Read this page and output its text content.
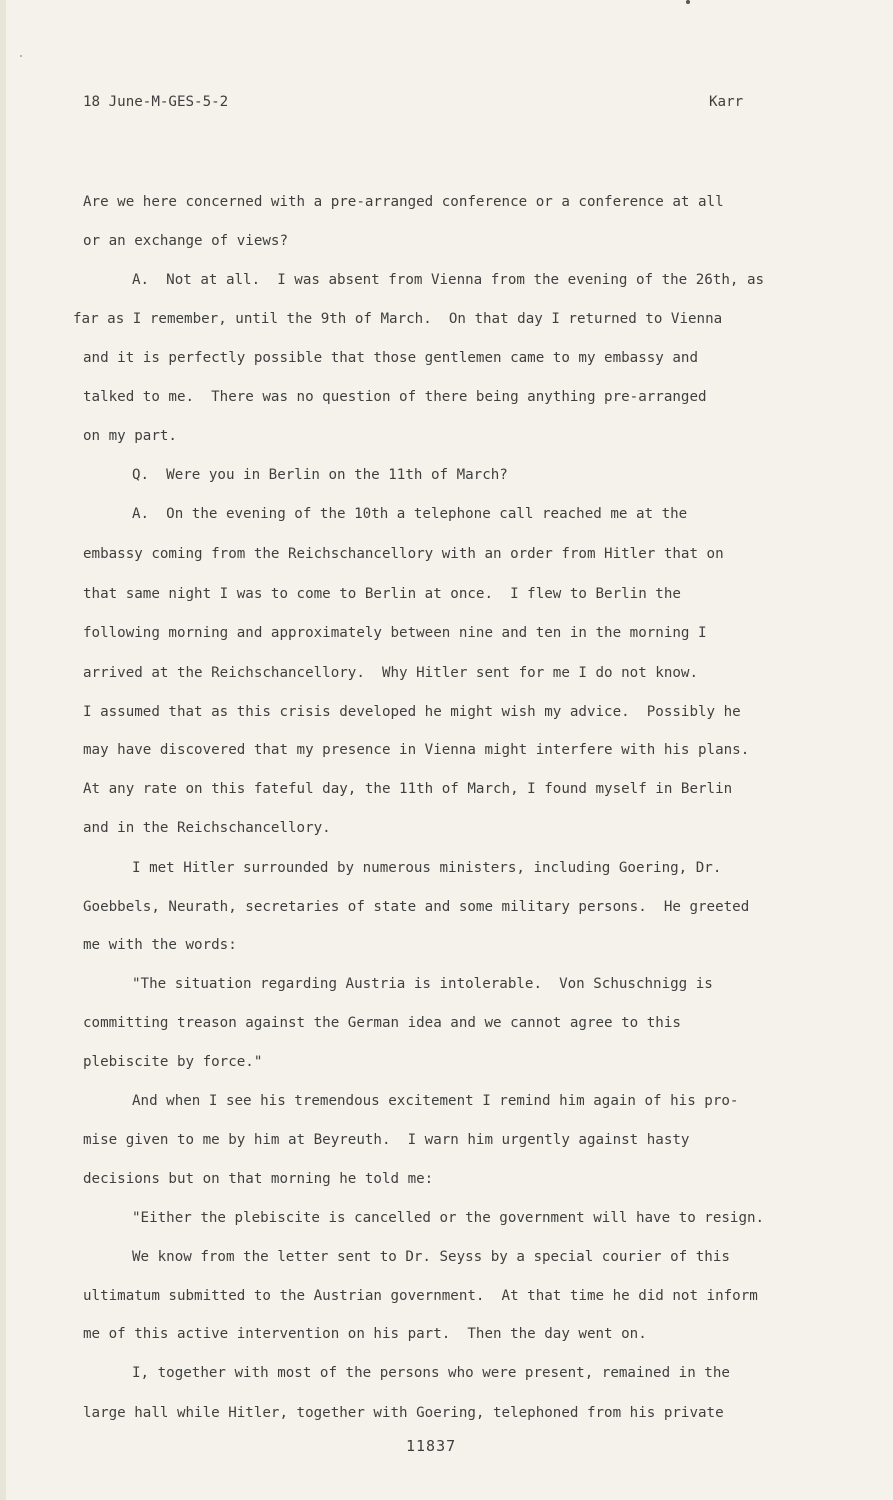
18 June-M-GES-5-2	Karr
Are we here concerned with a pre-arranged conference or a conference at all
or an exchange of views?
A.  Not at all.  I was absent from Vienna from the evening of the 26th, as
far as I remember, until the 9th of March.  On that day I returned to Vienna
and it is perfectly possible that those gentlemen came to my embassy and
talked to me.  There was no question of there being anything pre-arranged
on my part.
Q.  Were you in Berlin on the 11th of March?
A.  On the evening of the 10th a telephone call reached me at the
embassy coming from the Reichschancellory with an order from Hitler that on
that same night I was to come to Berlin at once.  I flew to Berlin the
following morning and approximately between nine and ten in the morning I
arrived at the Reichschancellory.  Why Hitler sent for me I do not know.
I assumed that as this crisis developed he might wish my advice.  Possibly he
may have discovered that my presence in Vienna might interfere with his plans.
At any rate on this fateful day, the 11th of March, I found myself in Berlin
and in the Reichschancellory.
I met Hitler surrounded by numerous ministers, including Goering, Dr.
Goebbels, Neurath, secretaries of state and some military persons.  He greeted
me with the words:
"The situation regarding Austria is intolerable.  Von Schuschnigg is
committing treason against the German idea and we cannot agree to this
plebiscite by force."
And when I see his tremendous excitement I remind him again of his pro-
mise given to me by him at Beyreuth.  I warn him urgently against hasty
decisions but on that morning he told me:
"Either the plebiscite is cancelled or the government will have to resign.
We know from the letter sent to Dr. Seyss by a special courier of this
ultimatum submitted to the Austrian government.  At that time he did not inform
me of this active intervention on his part.  Then the day went on.
I, together with most of the persons who were present, remained in the
large hall while Hitler, together with Goering, telephoned from his private
11837
